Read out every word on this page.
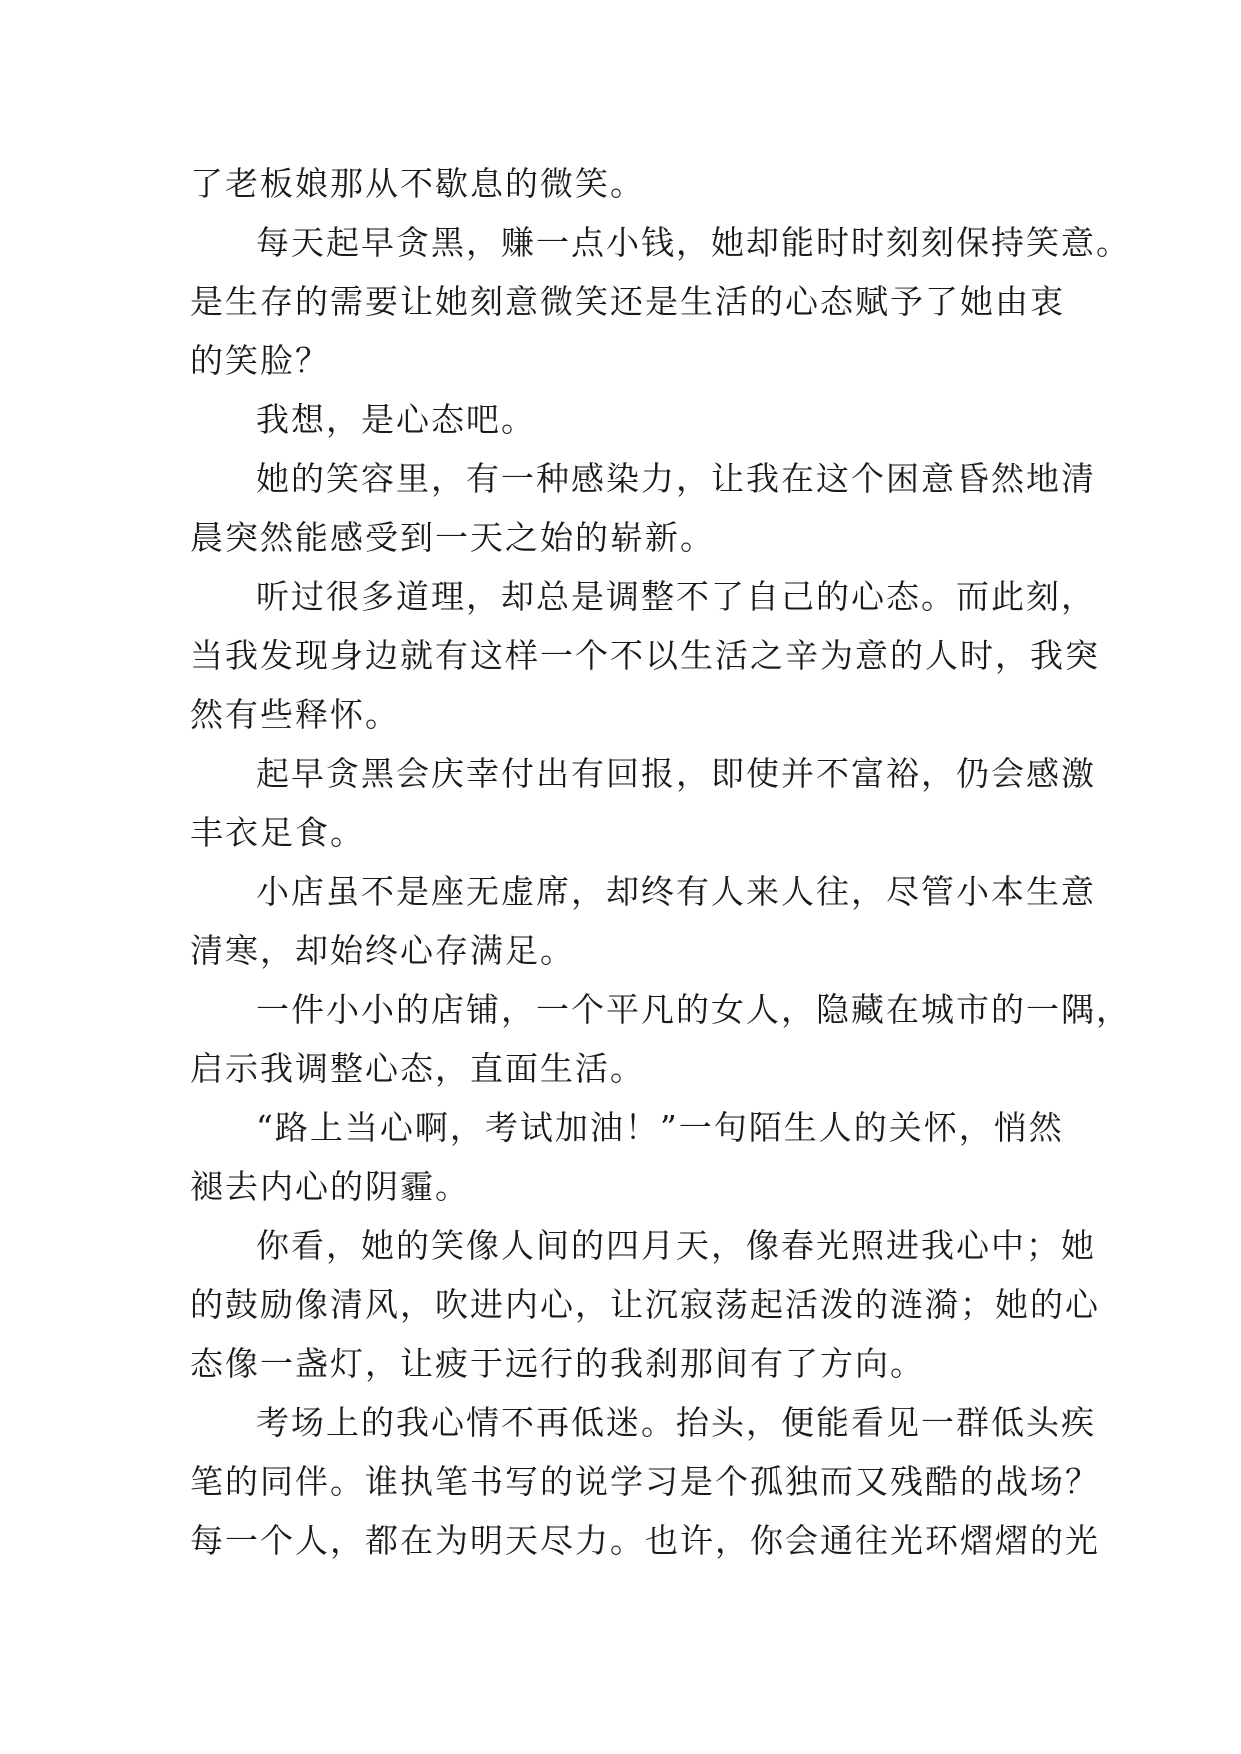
了老板娘那从不歇息的微笑。
每天起早贪黑，赚一点小钱，她却能时时刻刻保持笑意。
是生存的需要让她刻意微笑还是生活的心态赋予了她由衷
的笑脸？
我想，是心态吧。
她的笑容里，有一种感染力，让我在这个困意昏然地清
晨突然能感受到一天之始的崭新。
听过很多道理，却总是调整不了自己的心态。而此刻，
当我发现身边就有这样一个不以生活之辛为意的人时，我突
然有些释怀。
起早贪黑会庆幸付出有回报，即使并不富裕，仍会感激
丰衣足食。
小店虽不是座无虚席，却终有人来人往，尽管小本生意
清寒，却始终心存满足。
一件小小的店铺，一个平凡的女人，隐藏在城市的一隅，
启示我调整心态，直面生活。
“路上当心啊，考试加油！”一句陌生人的关怀，悄然
褪去内心的阴霾。
你看，她的笑像人间的四月天，像春光照进我心中；她
的鼓励像清风，吹进内心，让沉寂荡起活泼的涟漪；她的心
态像一盏灯，让疲于远行的我刹那间有了方向。
考场上的我心情不再低迷。抬头，便能看见一群低头疾
笔的同伴。谁执笔书写的说学习是个孤独而又残酷的战场？
每一个人，都在为明天尽力。也许，你会通往光环熠熠的光
